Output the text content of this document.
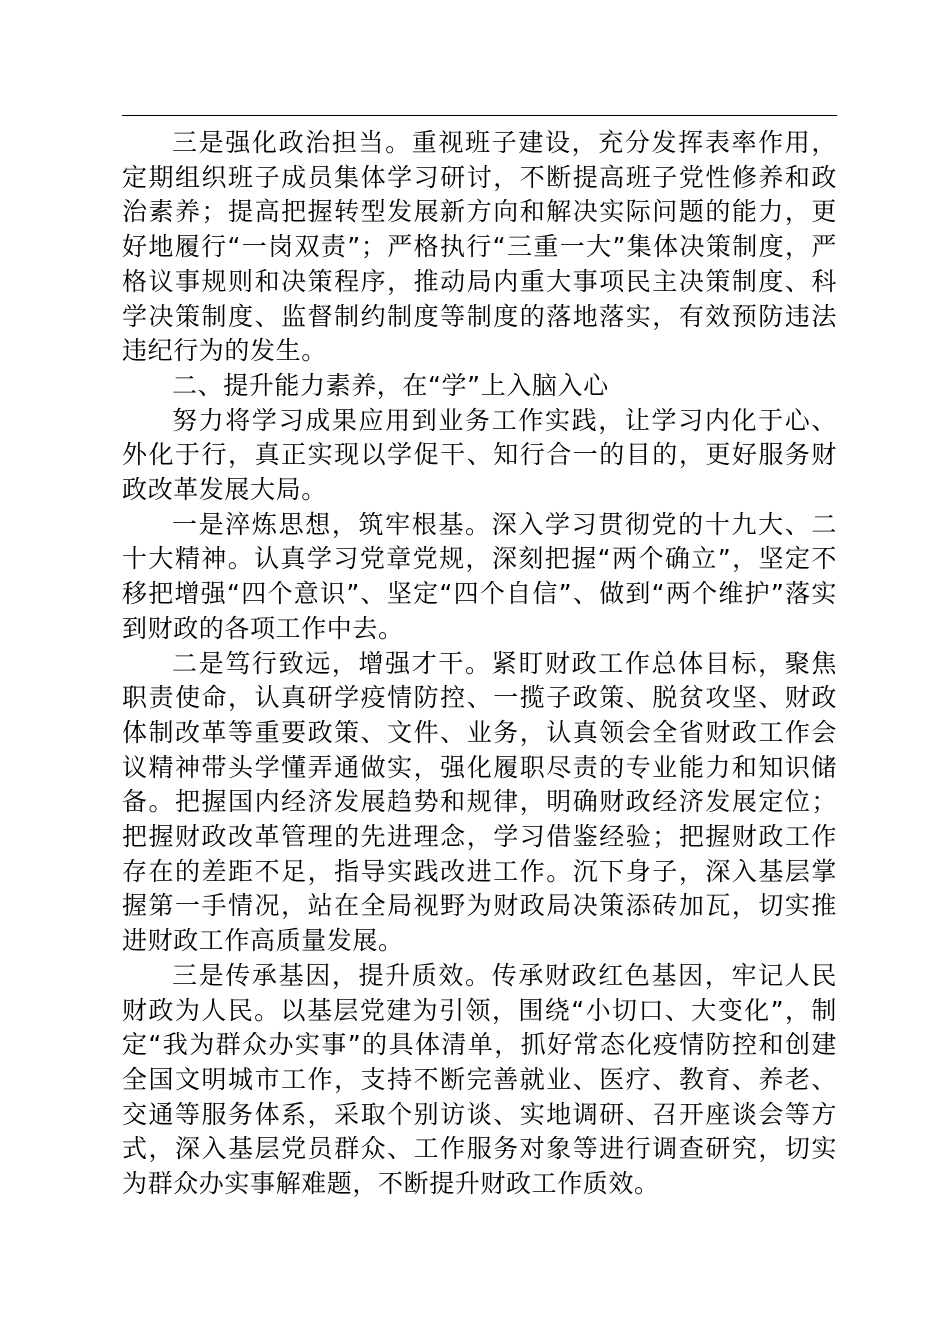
三是强化政治担当。重视班子建设，充分发挥表率作用，定期组织班子成员集体学习研讨，不断提高班子党性修养和政治素养；提高把握转型发展新方向和解决实际问题的能力，更好地履行“一岗双责”；严格执行“三重一大”集体决策制度，严格议事规则和决策程序，推动局内重大事项民主决策制度、科学决策制度、监督制约制度等制度的落地落实，有效预防违法违纪行为的发生。

二、提升能力素养，在“学”上入脑入心

努力将学习成果应用到业务工作实践，让学习内化于心、外化于行，真正实现以学促干、知行合一的目的，更好服务财政改革发展大局。

一是淬炼思想，筑牢根基。深入学习贯彻党的十九大、二十大精神。认真学习党章党规，深刻把握“两个确立”，坚定不移把增强“四个意识”、坚定“四个自信”、做到“两个维护”落实到财政的各项工作中去。

二是笃行致远，增强才干。紧盯财政工作总体目标，聚焦职责使命，认真研学疫情防控、一揽子政策、脱贫攻坚、财政体制改革等重要政策、文件、业务，认真领会全省财政工作会议精神带头学懂弄通做实，强化履职尽责的专业能力和知识储备。把握国内经济发展趋势和规律，明确财政经济发展定位；把握财政改革管理的先进理念，学习借鉴经验；把握财政工作存在的差距不足，指导实践改进工作。沉下身子，深入基层掌握第一手情况，站在全局视野为财政局决策添砖加瓦，切实推进财政工作高质量发展。

三是传承基因，提升质效。传承财政红色基因，牢记人民财政为人民。以基层党建为引领，围绕“小切口、大变化”，制定“我为群众办实事”的具体清单，抓好常态化疫情防控和创建全国文明城市工作，支持不断完善就业、医疗、教育、养老、交通等服务体系，采取个别访谈、实地调研、召开座谈会等方式，深入基层党员群众、工作服务对象等进行调查研究，切实为群众办实事解难题，不断提升财政工作质效。
